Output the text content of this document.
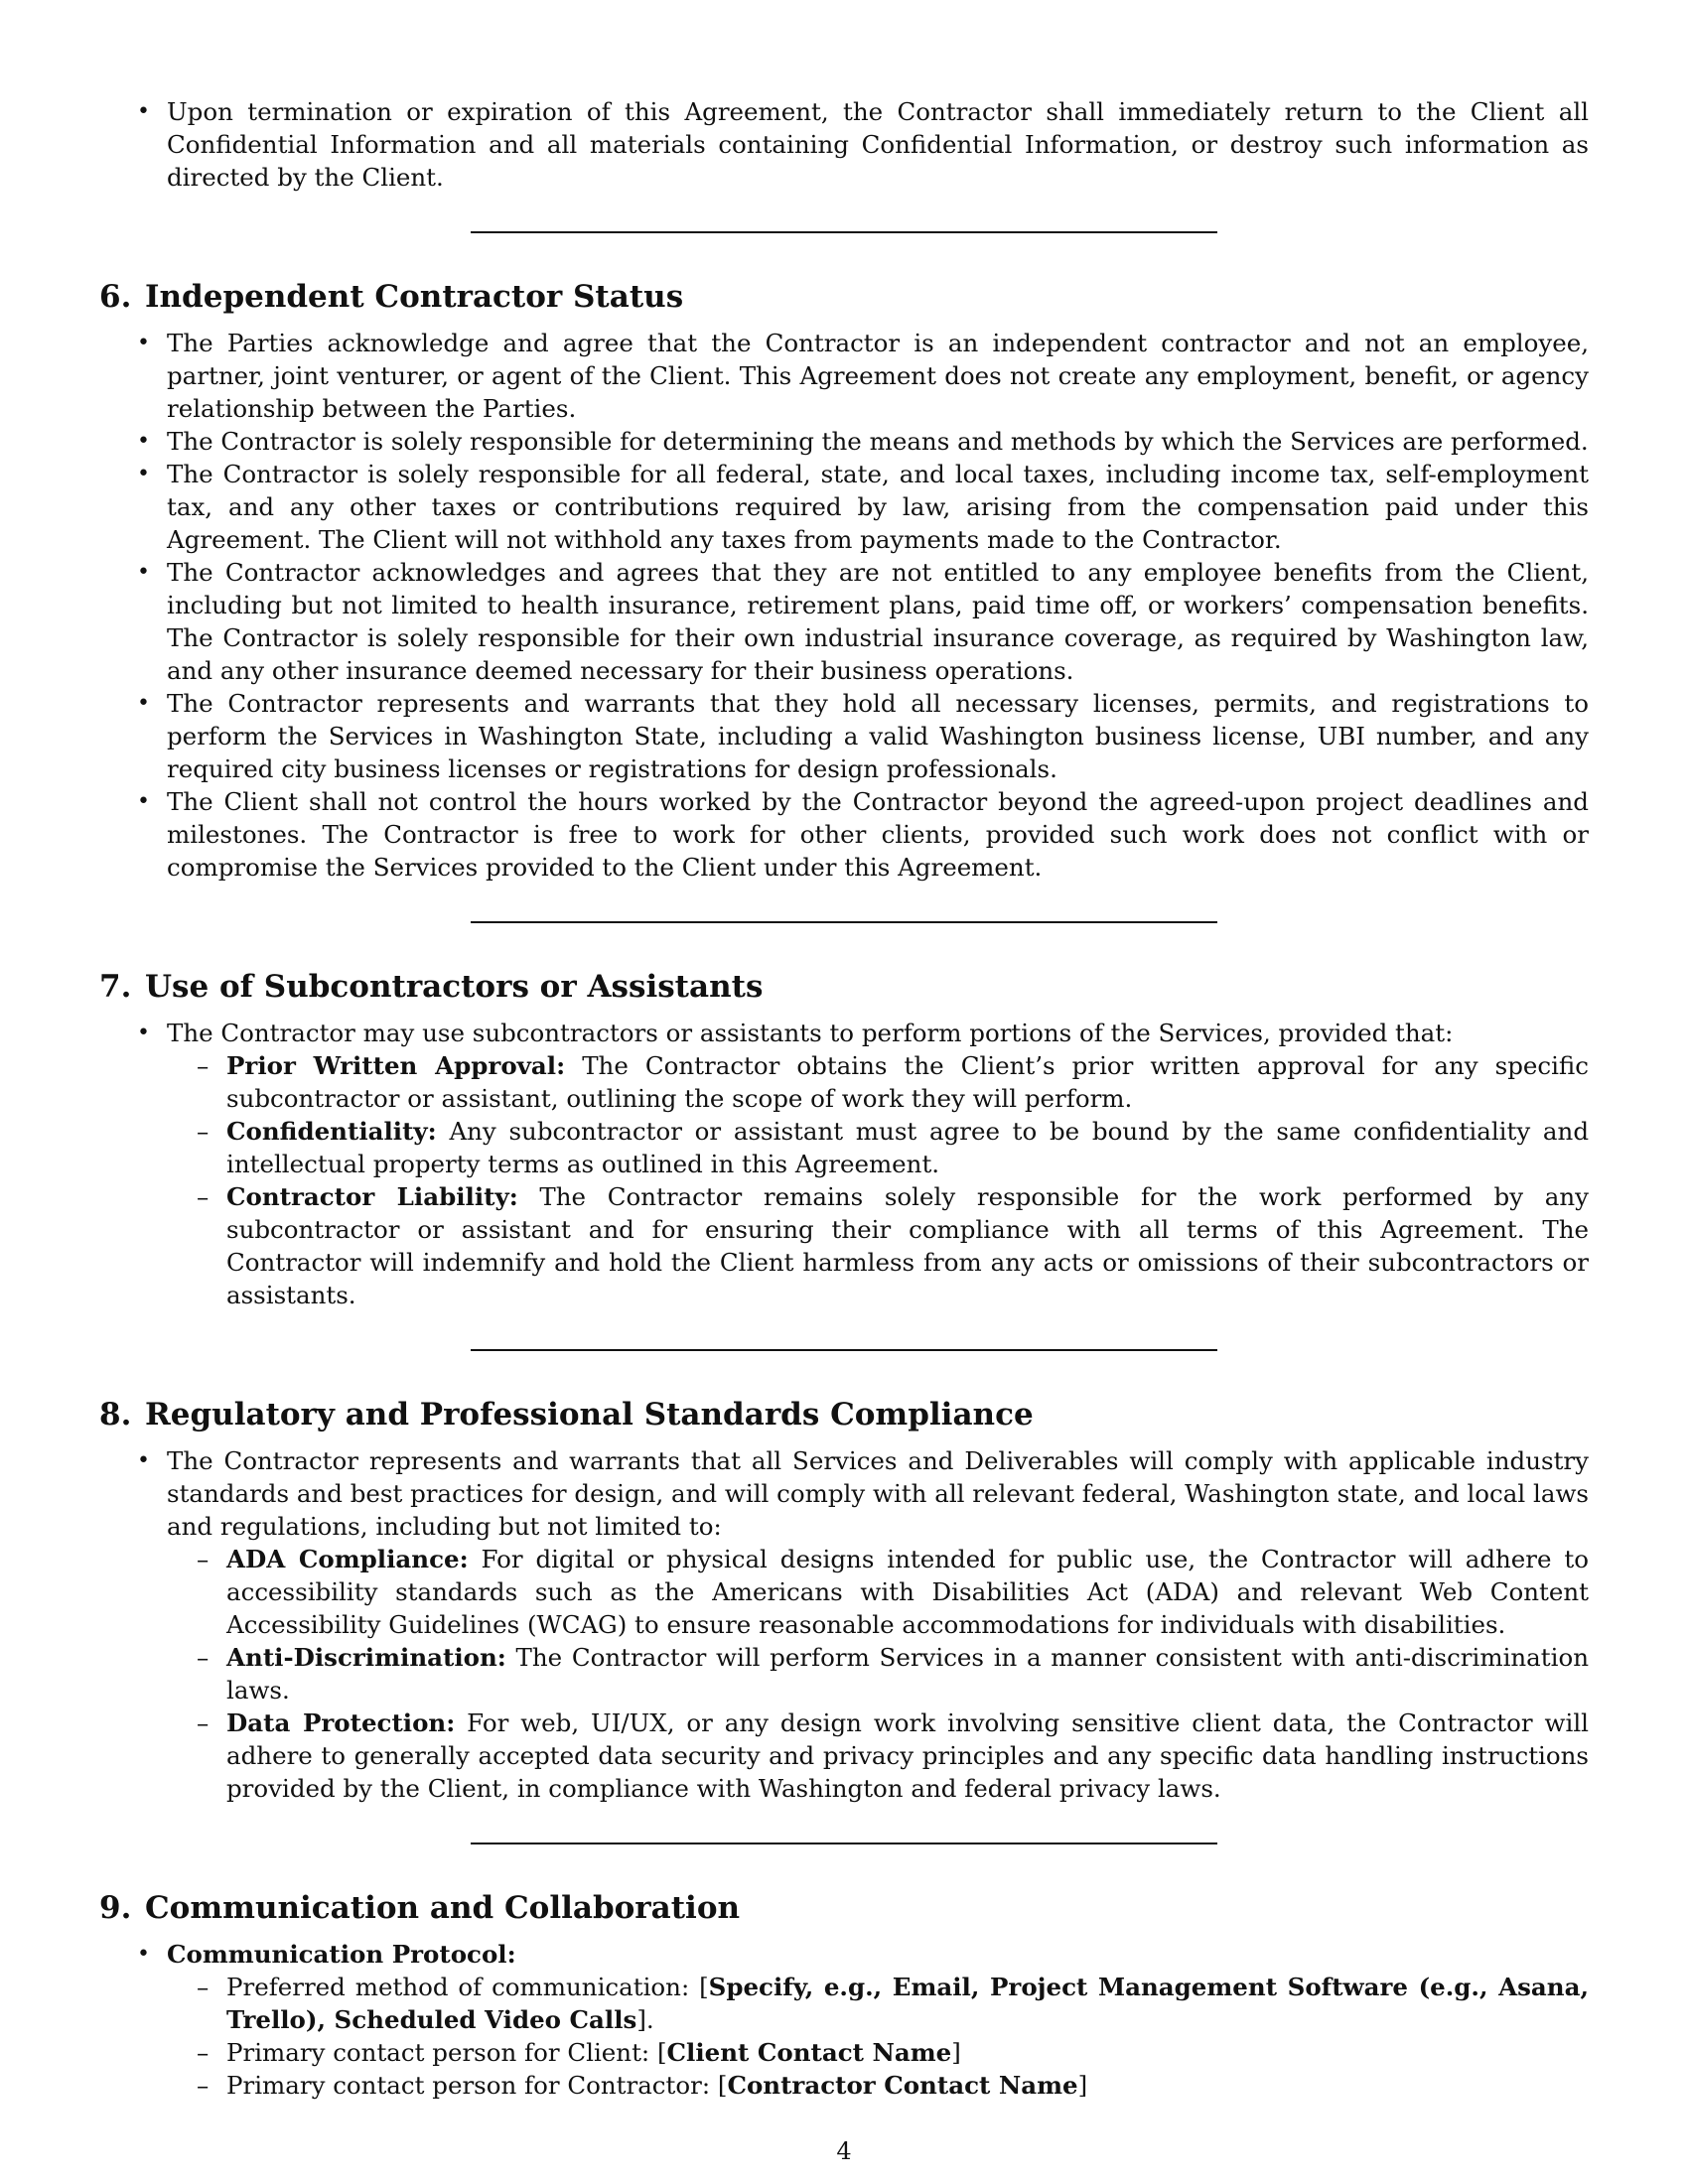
• Upon termination or expiration of this Agreement, the Contractor shall immediately return to the Client all Confidential Information and all materials containing Confidential Information, or destroy such information as directed by the Client.
6. Independent Contractor Status
• The Parties acknowledge and agree that the Contractor is an independent contractor and not an employee, partner, joint venturer, or agent of the Client. This Agreement does not create any employment, benefit, or agency relationship between the Parties.
• The Contractor is solely responsible for determining the means and methods by which the Services are performed.
• The Contractor is solely responsible for all federal, state, and local taxes, including income tax, self-employment tax, and any other taxes or contributions required by law, arising from the compensation paid under this Agreement. The Client will not withhold any taxes from payments made to the Contractor.
• The Contractor acknowledges and agrees that they are not entitled to any employee benefits from the Client, including but not limited to health insurance, retirement plans, paid time off, or workers’ compensation benefits. The Contractor is solely responsible for their own industrial insurance coverage, as required by Washington law, and any other insurance deemed necessary for their business operations.
• The Contractor represents and warrants that they hold all necessary licenses, permits, and registrations to perform the Services in Washington State, including a valid Washington business license, UBI number, and any required city business licenses or registrations for design professionals.
• The Client shall not control the hours worked by the Contractor beyond the agreed-upon project deadlines and milestones. The Contractor is free to work for other clients, provided such work does not conflict with or compromise the Services provided to the Client under this Agreement.
7. Use of Subcontractors or Assistants
• The Contractor may use subcontractors or assistants to perform portions of the Services, provided that:
– Prior Written Approval: The Contractor obtains the Client’s prior written approval for any specific subcontractor or assistant, outlining the scope of work they will perform.
– Confidentiality: Any subcontractor or assistant must agree to be bound by the same confidentiality and intellectual property terms as outlined in this Agreement.
– Contractor Liability: The Contractor remains solely responsible for the work performed by any subcontractor or assistant and for ensuring their compliance with all terms of this Agreement. The Contractor will indemnify and hold the Client harmless from any acts or omissions of their subcontractors or assistants.
8. Regulatory and Professional Standards Compliance
• The Contractor represents and warrants that all Services and Deliverables will comply with applicable industry standards and best practices for design, and will comply with all relevant federal, Washington state, and local laws and regulations, including but not limited to:
– ADA Compliance: For digital or physical designs intended for public use, the Contractor will adhere to accessibility standards such as the Americans with Disabilities Act (ADA) and relevant Web Content Accessibility Guidelines (WCAG) to ensure reasonable accommodations for individuals with disabilities.
– Anti-Discrimination: The Contractor will perform Services in a manner consistent with anti-discrimination laws.
– Data Protection: For web, UI/UX, or any design work involving sensitive client data, the Contractor will adhere to generally accepted data security and privacy principles and any specific data handling instructions provided by the Client, in compliance with Washington and federal privacy laws.
9. Communication and Collaboration
• Communication Protocol:
– Preferred method of communication: [Specify, e.g., Email, Project Management Software (e.g., Asana, Trello), Scheduled Video Calls].
– Primary contact person for Client: [Client Contact Name]
– Primary contact person for Contractor: [Contractor Contact Name]
4
